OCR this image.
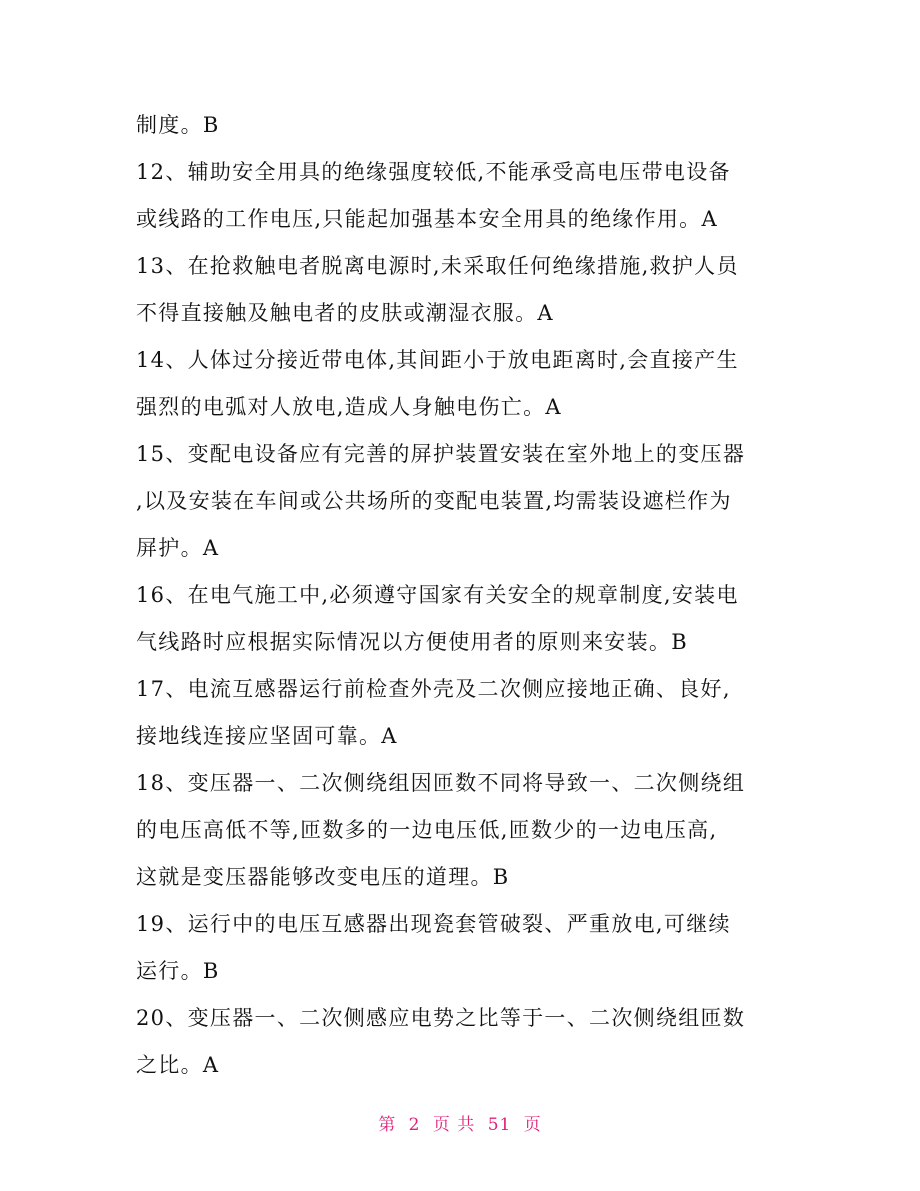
制度。B
12、辅助安全用具的绝缘强度较低,不能承受高电压带电设备
或线路的工作电压,只能起加强基本安全用具的绝缘作用。A
13、在抢救触电者脱离电源时,未采取任何绝缘措施,救护人员
不得直接触及触电者的皮肤或潮湿衣服。A
14、人体过分接近带电体,其间距小于放电距离时,会直接产生
强烈的电弧对人放电,造成人身触电伤亡。A
15、变配电设备应有完善的屏护装置安装在室外地上的变压器
,以及安装在车间或公共场所的变配电装置,均需装设遮栏作为
屏护。A
16、在电气施工中,必须遵守国家有关安全的规章制度,安装电
气线路时应根据实际情况以方便使用者的原则来安装。B
17、电流互感器运行前检查外壳及二次侧应接地正确、良好,
接地线连接应坚固可靠。A
18、变压器一、二次侧绕组因匝数不同将导致一、二次侧绕组
的电压高低不等,匝数多的一边电压低,匝数少的一边电压高,
这就是变压器能够改变电压的道理。B
19、运行中的电压互感器出现瓷套管破裂、严重放电,可继续
运行。B
20、变压器一、二次侧感应电势之比等于一、二次侧绕组匝数
之比。A
第 2 页 共 51 页
